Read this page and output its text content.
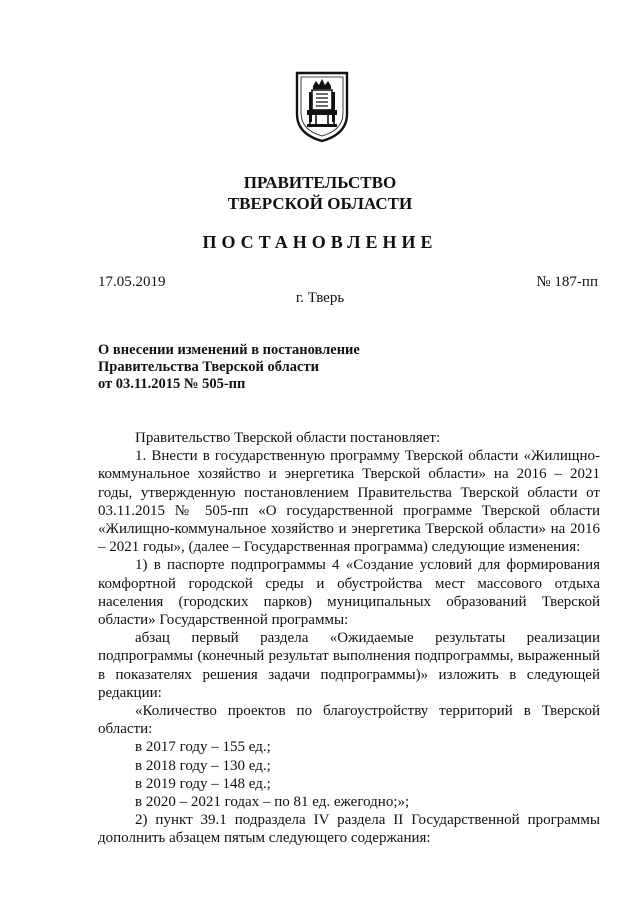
ПРАВИТЕЛЬСТВО
ТВЕРСКОЙ ОБЛАСТИ
ПОСТАНОВЛЕНИЕ
17.05.2019	№ 187-пп
г. Тверь
О внесении изменений в постановление
Правительства Тверской области
от 03.11.2015 № 505-пп

Правительство Тверской области постановляет:

1. Внести в государственную программу Тверской области «Жилищно-коммунальное хозяйство и энергетика Тверской области» на 2016 – 2021 годы, утвержденную постановлением Правительства Тверской области от 03.11.2015 № 505-пп «О государственной программе Тверской области «Жилищно-коммунальное хозяйство и энергетика Тверской области» на 2016 – 2021 годы», (далее – Государственная программа) следующие изменения:

1) в паспорте подпрограммы 4 «Создание условий для формирования комфортной городской среды и обустройства мест массового отдыха населения (городских парков) муниципальных образований Тверской области» Государственной программы:

абзац первый раздела «Ожидаемые результаты реализации подпрограммы (конечный результат выполнения подпрограммы, выраженный в показателях решения задачи подпрограммы)» изложить в следующей редакции:

«Количество проектов по благоустройству территорий в Тверской области:

в 2017 году – 155 ед.;

в 2018 году – 130 ед.;

в 2019 году – 148 ед.;

в 2020 – 2021 годах – по 81 ед. ежегодно;»;

2) пункт 39.1 подраздела IV раздела II Государственной программы дополнить абзацем пятым следующего содержания:
